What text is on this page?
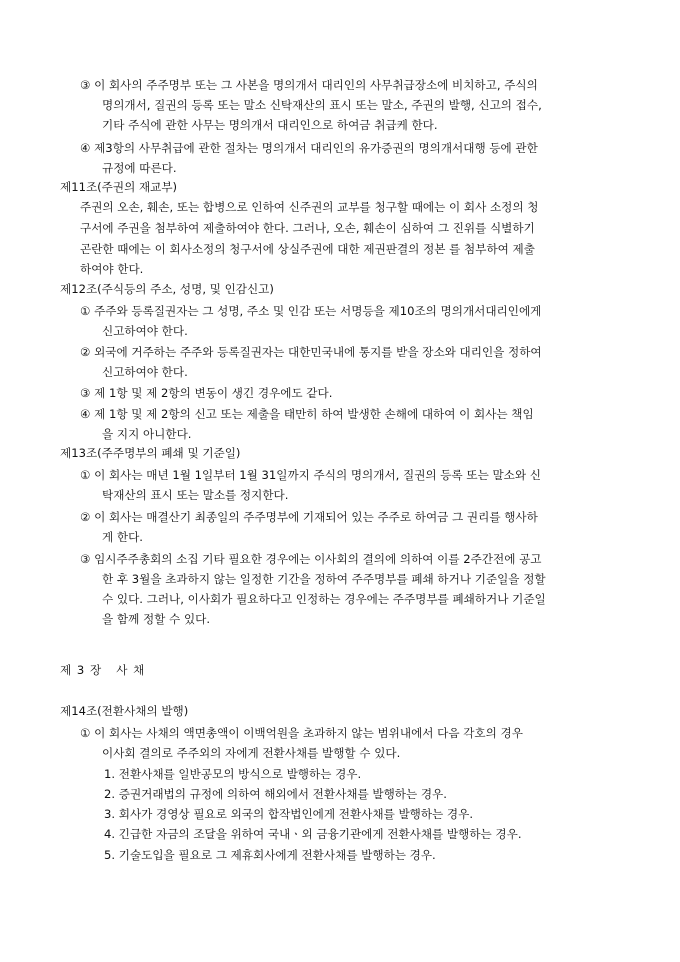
③ 이 회사의 주주명부 또는 그 사본을 명의개서 대리인의 사무취급장소에 비치하고, 주식의
명의개서, 질권의 등록 또는 말소 신탁재산의 표시 또는 말소, 주권의 발행, 신고의 접수,
기타 주식에 관한 사무는 명의개서 대리인으로 하여금 취급케 한다.
④ 제3항의 사무취급에 관한 절차는 명의개서 대리인의 유가증권의 명의개서대행 등에 관한
규정에 따른다.
제11조(주권의 재교부)
주권의 오손, 훼손, 또는 합병으로 인하여 신주권의 교부를 청구할 때에는 이 회사 소정의 청
구서에 주권을 첨부하여 제출하여야 한다. 그러나, 오손, 훼손이 심하여 그 진위를 식별하기
곤란한 때에는 이 회사소정의 청구서에 상실주권에 대한 제권판결의 정본 를 첨부하여 제출
하여야 한다.
제12조(주식등의 주소, 성명, 및 인감신고)
① 주주와 등록질권자는 그 성명, 주소 및 인감 또는 서명등을 제10조의 명의개서대리인에게
신고하여야 한다.
② 외국에 거주하는 주주와 등록질권자는 대한민국내에 통지를 받을 장소와 대리인을 정하여
신고하여야 한다.
③ 제 1항 및 제 2항의 변동이 생긴 경우에도 같다.
④ 제 1항 및 제 2항의 신고 또는 제출을 태만히 하여 발생한 손해에 대하여 이 회사는 책임
을 지지 아니한다.
제13조(주주명부의 폐쇄 및 기준일)
① 이 회사는 매년 1월 1일부터 1월 31일까지 주식의 명의개서, 질권의 등록 또는 말소와 신
탁재산의 표시 또는 말소를 정지한다.
② 이 회사는 매결산기 최종일의 주주명부에 기재되어 있는 주주로 하여금 그 권리를 행사하
게 한다.
③ 임시주주총회의 소집 기타 필요한 경우에는 이사회의 결의에 의하여 이를 2주간전에 공고
한 후 3월을 초과하지 않는 일정한 기간을 정하여 주주명부를 폐쇄 하거나 기준일을 정할
수 있다. 그러나, 이사회가 필요하다고 인정하는 경우에는 주주명부를 폐쇄하거나 기준일
을 함께 정할 수 있다.
제 3 장   사 채
제14조(전환사채의 발행)
① 이 회사는 사채의 액면총액이 이백억원을 초과하지 않는 범위내에서 다음 각호의 경우
이사회 결의로 주주외의 자에게 전환사채를 발행할 수 있다.
1. 전환사채를 일반공모의 방식으로 발행하는 경우.
2. 증권거래법의 규정에 의하여 해외에서 전환사채를 발행하는 경우.
3. 회사가 경영상 필요로 외국의 합작법인에게 전환사채를 발행하는 경우.
4. 긴급한 자금의 조달을 위하여 국내ㆍ외 금융기관에게 전환사채를 발행하는 경우.
5. 기술도입을 필요로 그 제휴회사에게 전환사채를 발행하는 경우.
